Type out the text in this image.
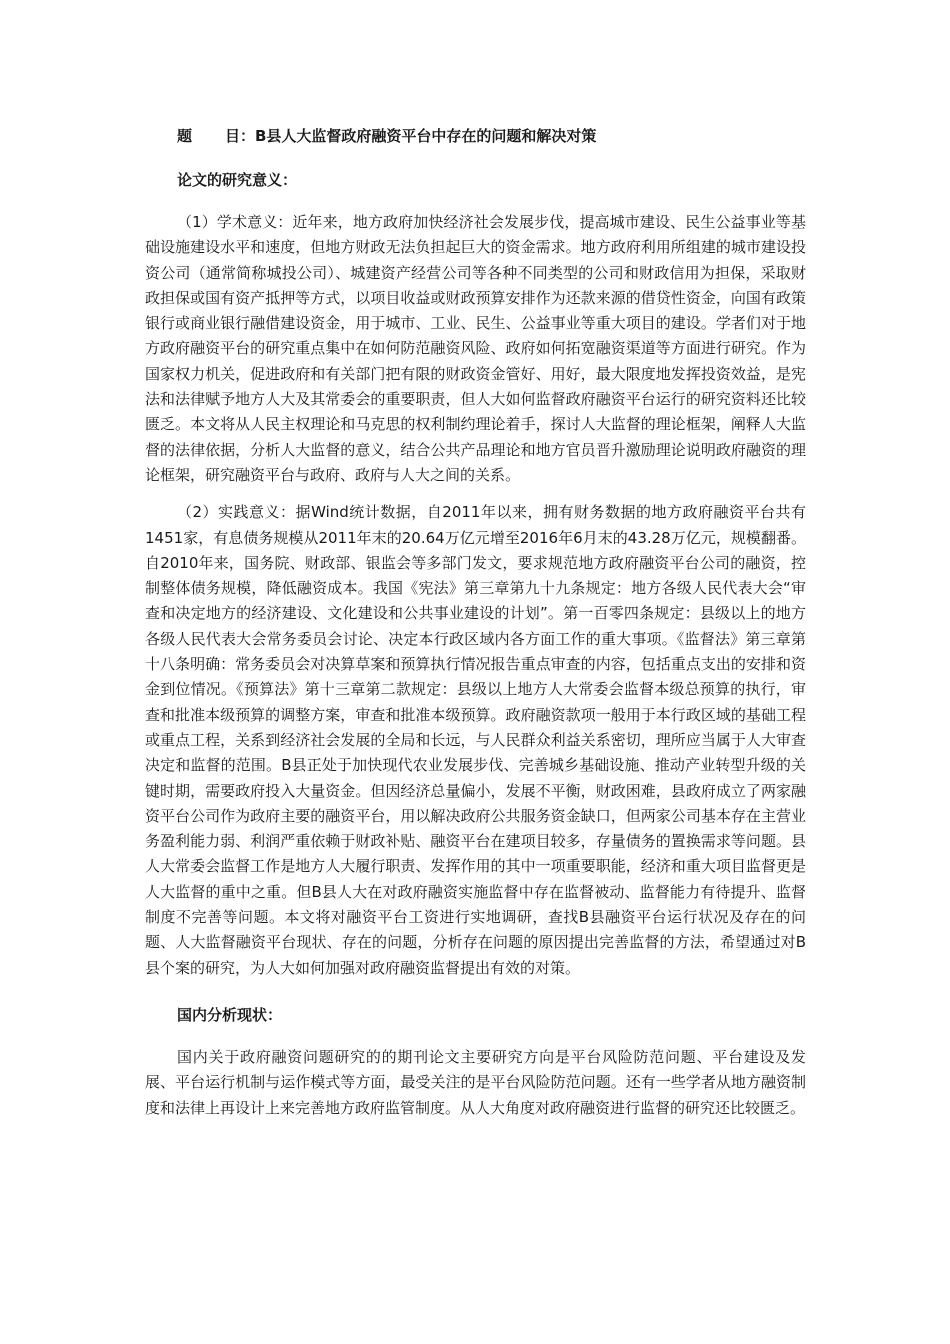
题 目：B县人大监督政府融资平台中存在的问题和解决对策
论文的研究意义：

（1）学术意义：近年来，地方政府加快经济社会发展步伐，提高城市建设、民生公益事业等基础设施建设水平和速度，但地方财政无法负担起巨大的资金需求。地方政府利用所组建的城市建设投资公司（通常简称城投公司）、城建资产经营公司等各种不同类型的公司和财政信用为担保，采取财政担保或国有资产抵押等方式，以项目收益或财政预算安排作为还款来源的借贷性资金，向国有政策银行或商业银行融借建设资金，用于城市、工业、民生、公益事业等重大项目的建设。学者们对于地方政府融资平台的研究重点集中在如何防范融资风险、政府如何拓宽融资渠道等方面进行研究。作为国家权力机关，促进政府和有关部门把有限的财政资金管好、用好，最大限度地发挥投资效益，是宪法和法律赋予地方人大及其常委会的重要职责，但人大如何监督政府融资平台运行的研究资料还比较匮乏。本文将从人民主权理论和马克思的权利制约理论着手，探讨人大监督的理论框架，阐释人大监督的法律依据，分析人大监督的意义，结合公共产品理论和地方官员晋升激励理论说明政府融资的理论框架，研究融资平台与政府、政府与人大之间的关系。

（2）实践意义：据Wind统计数据，自2011年以来，拥有财务数据的地方政府融资平台共有1451家，有息债务规模从2011年末的20.64万亿元增至2016年6月末的43.28万亿元，规模翻番。自2010年来，国务院、财政部、银监会等多部门发文，要求规范地方政府融资平台公司的融资，控制整体债务规模，降低融资成本。我国《宪法》第三章第九十九条规定：地方各级人民代表大会“审查和决定地方的经济建设、文化建设和公共事业建设的计划”。第一百零四条规定：县级以上的地方各级人民代表大会常务委员会讨论、决定本行政区域内各方面工作的重大事项。《监督法》第三章第十八条明确：常务委员会对决算草案和预算执行情况报告重点审查的内容，包括重点支出的安排和资金到位情况。《预算法》第十三章第二款规定：县级以上地方人大常委会监督本级总预算的执行，审查和批准本级预算的调整方案，审查和批准本级预算。政府融资款项一般用于本行政区域的基础工程或重点工程，关系到经济社会发展的全局和长远，与人民群众利益关系密切，理所应当属于人大审查决定和监督的范围。B县正处于加快现代农业发展步伐、完善城乡基础设施、推动产业转型升级的关键时期，需要政府投入大量资金。但因经济总量偏小，发展不平衡，财政困难，县政府成立了两家融资平台公司作为政府主要的融资平台，用以解决政府公共服务资金缺口，但两家公司基本存在主营业务盈利能力弱、利润严重依赖于财政补贴、融资平台在建项目较多，存量债务的置换需求等问题。县人大常委会监督工作是地方人大履行职责、发挥作用的其中一项重要职能，经济和重大项目监督更是人大监督的重中之重。但B县人大在对政府融资实施监督中存在监督被动、监督能力有待提升、监督制度不完善等问题。本文将对融资平台工资进行实地调研，查找B县融资平台运行状况及存在的问题、人大监督融资平台现状、存在的问题，分析存在问题的原因提出完善监督的方法，希望通过对B县个案的研究，为人大如何加强对政府融资监督提出有效的对策。

国内分析现状：

国内关于政府融资问题研究的的期刊论文主要研究方向是平台风险防范问题、平台建设及发展、平台运行机制与运作模式等方面，最受关注的是平台风险防范问题。还有一些学者从地方融资制度和法律上再设计上来完善地方政府监管制度。从人大角度对政府融资进行监督的研究还比较匮乏。
